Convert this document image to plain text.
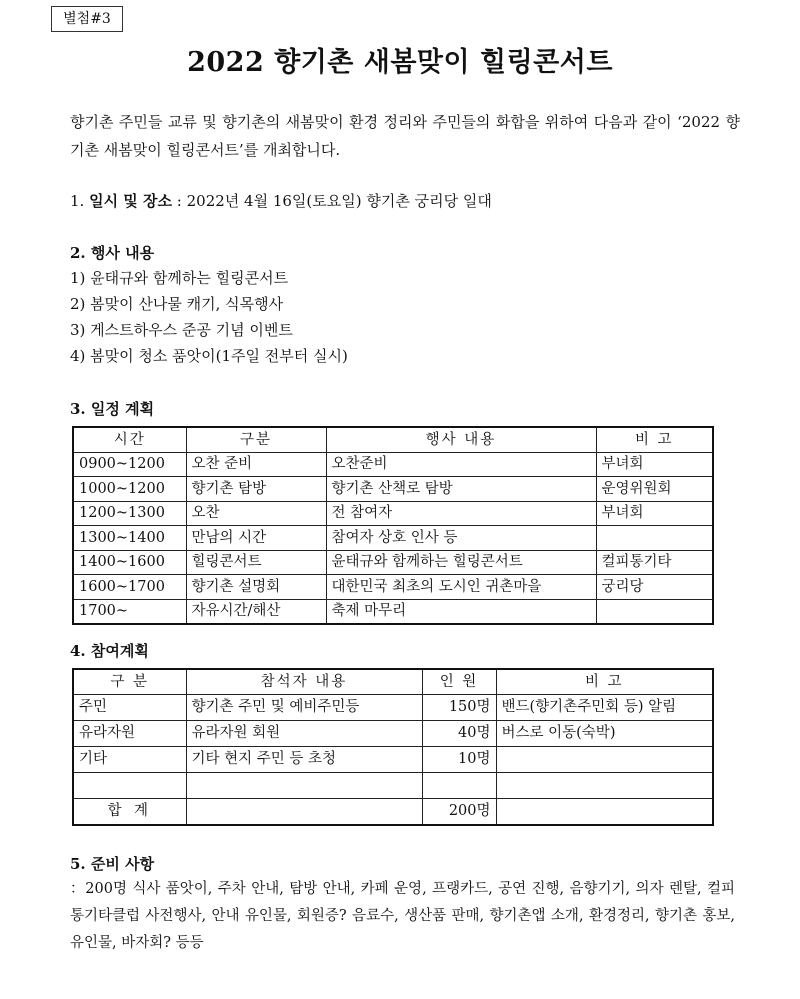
별첨#3
2022 향기촌 새봄맞이 힐링콘서트
향기촌 주민들 교류 및 향기촌의 새봄맞이 환경 정리와 주민들의 화합을 위하여 다음과 같이 ‘2022 향기촌 새봄맞이 힐링콘서트’를 개최합니다.
1. 일시 및 장소 : 2022년 4월 16일(토요일) 향기촌 궁리당 일대
2. 행사 내용
1) 윤태규와 함께하는 힐링콘서트
2) 봄맞이 산나물 캐기, 식목행사
3) 게스트하우스 준공 기념 이벤트
4) 봄맞이 청소 품앗이(1주일 전부터 실시)
3. 일정 계획
시간	구분	행사 내용	비 고
0900~1200	오찬 준비	오찬준비	부녀회
1000~1200	향기촌 탐방	향기촌 산책로 탐방	운영위원회
1200~1300	오찬	전 참여자	부녀회
1300~1400	만남의 시간	참여자 상호 인사 등	
1400~1600	힐링콘서트	윤태규와 함께하는 힐링콘서트	컬피통기타
1600~1700	향기촌 설명회	대한민국 최초의 도시인 귀촌마을	궁리당
1700~	자유시간/해산	축제 마무리	
4. 참여계획
구 분	참석자 내용	인 원	비 고
주민	향기촌 주민 및 예비주민등	150명	밴드(향기촌주민회 등) 알림
유라자원	유라자원 회원	40명	버스로 이동(숙박)
기타	기타 현지 주민 등 초청	10명	

합 계		200명	
5. 준비 사항
：200명 식사 품앗이, 주차 안내, 탐방 안내, 카페 운영, 프랭카드, 공연 진행, 음향기기, 의자 렌탈, 컬피통기타클럽 사전행사, 안내 유인물, 회원증? 음료수, 생산품 판매, 향기촌앱 소개, 환경정리, 향기촌 홍보, 유인물, 바자회? 등등
